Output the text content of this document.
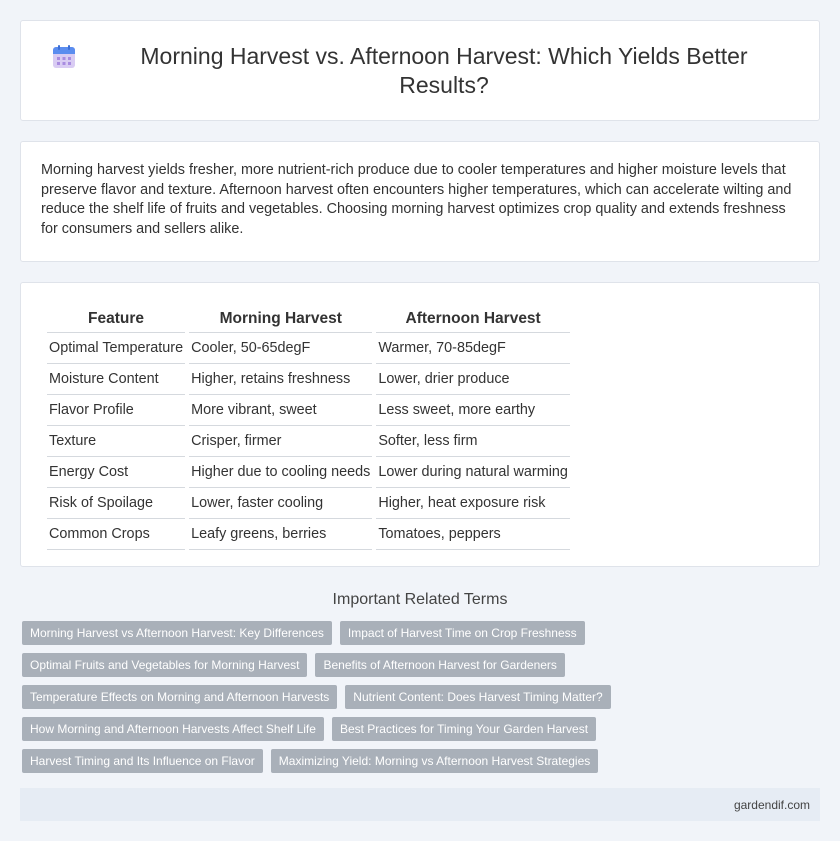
Morning Harvest vs. Afternoon Harvest: Which Yields Better Results?

Morning harvest yields fresher, more nutrient-rich produce due to cooler temperatures and higher moisture levels that preserve flavor and texture. Afternoon harvest often encounters higher temperatures, which can accelerate wilting and reduce the shelf life of fruits and vegetables. Choosing morning harvest optimizes crop quality and extends freshness for consumers and sellers alike.

Feature	Morning Harvest	Afternoon Harvest
Optimal Temperature	Cooler, 50-65degF	Warmer, 70-85degF
Moisture Content	Higher, retains freshness	Lower, drier produce
Flavor Profile	More vibrant, sweet	Less sweet, more earthy
Texture	Crisper, firmer	Softer, less firm
Energy Cost	Higher due to cooling needs	Lower during natural warming
Risk of Spoilage	Lower, faster cooling	Higher, heat exposure risk
Common Crops	Leafy greens, berries	Tomatoes, peppers
Important Related Terms
Morning Harvest vs Afternoon Harvest: Key Differences	Impact of Harvest Time on Crop Freshness
Optimal Fruits and Vegetables for Morning Harvest	Benefits of Afternoon Harvest for Gardeners
Temperature Effects on Morning and Afternoon Harvests	Nutrient Content: Does Harvest Timing Matter?
How Morning and Afternoon Harvests Affect Shelf Life	Best Practices for Timing Your Garden Harvest
Harvest Timing and Its Influence on Flavor	Maximizing Yield: Morning vs Afternoon Harvest Strategies
gardendif.com
